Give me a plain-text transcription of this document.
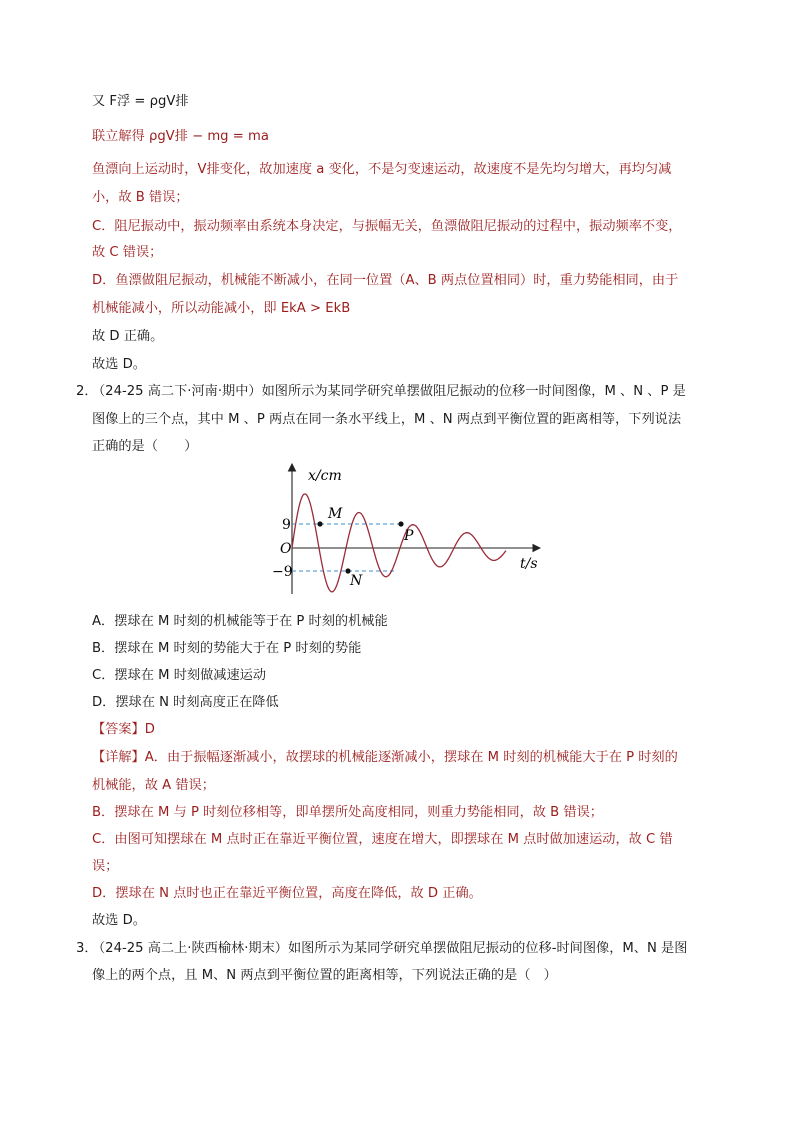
又 F浮 = ρgV排
联立解得 ρgV排 − mg = ma
鱼漂向上运动时，V排变化，故加速度 a 变化，不是匀变速运动，故速度不是先均匀增大，再均匀减
小，故 B 错误；
C．阻尼振动中，振动频率由系统本身决定，与振幅无关，鱼漂做阻尼振动的过程中，振动频率不变，
故 C 错误；
D．鱼漂做阻尼振动，机械能不断减小，在同一位置（A、B 两点位置相同）时，重力势能相同，由于
机械能减小，所以动能减小，即 EkA > EkB
故 D 正确。
故选 D。
2．
（24-25 高二下·河南·期中）如图所示为某同学研究单摆做阻尼振动的位移一时间图像，M 、N 、P 是
图像上的三个点，其中 M 、P 两点在同一条水平线上，M 、N 两点到平衡位置的距离相等，下列说法
正确的是（　　）
x/cm
t/s
O
9
−9
M
N
P
A．摆球在 M 时刻的机械能等于在 P 时刻的机械能
B．摆球在 M 时刻的势能大于在 P 时刻的势能
C．摆球在 M 时刻做减速运动
D．摆球在 N 时刻高度正在降低
【答案】D
【详解】A．由于振幅逐渐减小，故摆球的机械能逐渐减小，摆球在 M 时刻的机械能大于在 P 时刻的
机械能，故 A 错误；
B．摆球在 M 与 P 时刻位移相等，即单摆所处高度相同，则重力势能相同，故 B 错误；
C．由图可知摆球在 M 点时正在靠近平衡位置，速度在增大，即摆球在 M 点时做加速运动，故 C 错
误；
D．摆球在 N 点时也正在靠近平衡位置，高度在降低，故 D 正确。
故选 D。
3．
（24-25 高二上·陕西榆林·期末）如图所示为某同学研究单摆做阻尼振动的位移-时间图像，M、N 是图
像上的两个点，且 M、N 两点到平衡位置的距离相等，下列说法正确的是（　）
